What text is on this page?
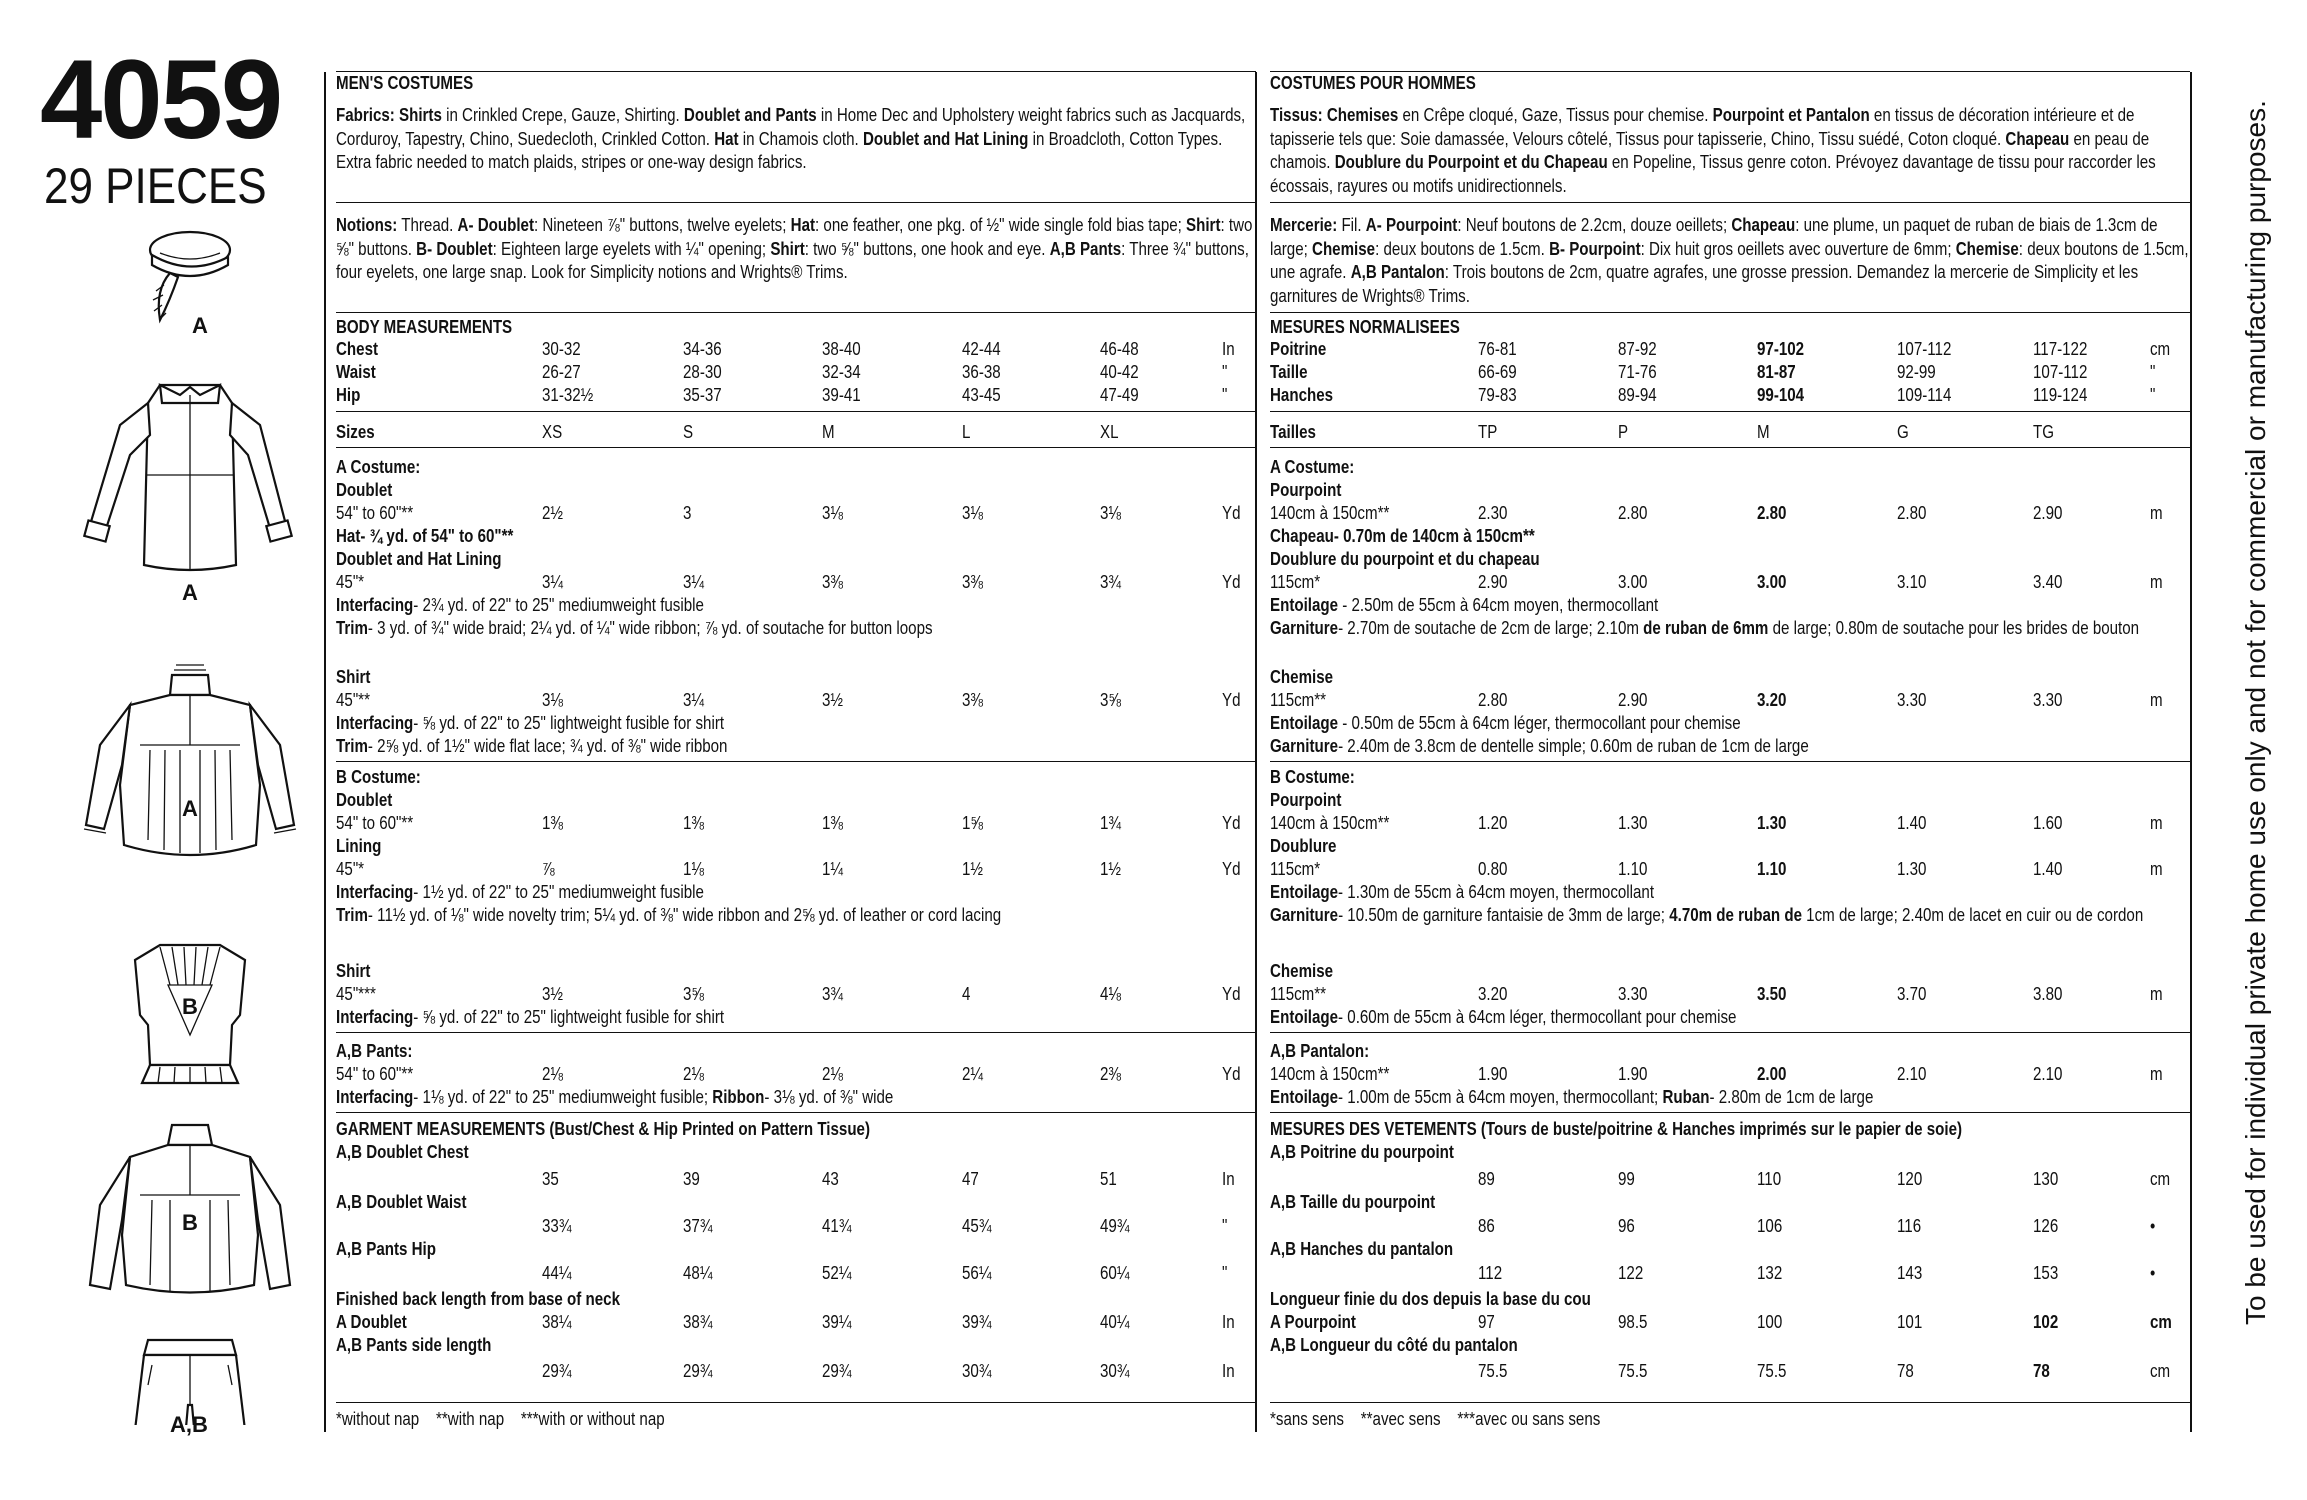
4059
29 PIECES
A
A
A
B
B
A,B
MEN'S COSTUMES
Fabrics: Shirts in Crinkled Crepe, Gauze, Shirting. Doublet and Pants in Home Dec and Upholstery weight fabrics such as Jacquards, Corduroy, Tapestry, Chino, Suedecloth, Crinkled Cotton. Hat in Chamois cloth. Doublet and Hat Lining in Broadcloth, Cotton Types. Extra fabric needed to match plaids, stripes or one-way design fabrics.
Notions: Thread. A- Doublet: Nineteen ⅞" buttons, twelve eyelets; Hat: one feather, one pkg. of ½" wide single fold bias tape; Shirt: two ⅝" buttons. B- Doublet: Eighteen large eyelets with ¼" opening; Shirt: two ⅝" buttons, one hook and eye. A,B Pants: Three ¾" buttons, four eyelets, one large snap. Look for Simplicity notions and Wrights® Trims.
BODY MEASUREMENTS
Chest	30-32	34-36	38-40	42-44	46-48	In
Waist	26-27	28-30	32-34	36-38	40-42	"
Hip	31-32½	35-37	39-41	43-45	47-49	"
Sizes	XS	S	M	L	XL
A Costume:
Doublet
54" to 60"**	2½	3	3⅛	3⅛	3⅛	Yd
Hat- ¾ yd. of 54" to 60"**
Doublet and Hat Lining
45"*	3¼	3¼	3⅜	3⅜	3¾	Yd
Interfacing- 2¾ yd. of 22" to 25" mediumweight fusible
Trim- 3 yd. of ¾" wide braid; 2¼ yd. of ¼" wide ribbon; ⅞ yd. of soutache for button loops
Shirt
45"**	3⅛	3¼	3½	3⅜	3⅝	Yd
Interfacing- ⅝ yd. of 22" to 25" lightweight fusible for shirt
Trim- 2⅝ yd. of 1½" wide flat lace; ¾ yd. of ⅜" wide ribbon
B Costume:
Doublet
54" to 60"**	1⅜	1⅜	1⅜	1⅝	1¾	Yd
Lining
45"*	⅞	1⅛	1¼	1½	1½	Yd
Interfacing- 1½ yd. of 22" to 25" mediumweight fusible
Trim- 11½ yd. of ⅛" wide novelty trim; 5¼ yd. of ⅜" wide ribbon and 2⅝ yd. of leather or cord lacing
Shirt
45"***	3½	3⅝	3¾	4	4⅛	Yd
Interfacing- ⅝ yd. of 22" to 25" lightweight fusible for shirt
A,B Pants:
54" to 60"**	2⅛	2⅛	2⅛	2¼	2⅜	Yd
Interfacing- 1⅛ yd. of 22" to 25" mediumweight fusible; Ribbon- 3⅛ yd. of ⅜" wide
GARMENT MEASUREMENTS (Bust/Chest & Hip Printed on Pattern Tissue)
A,B Doublet Chest
35	39	43	47	51	In
A,B Doublet Waist
33¾	37¾	41¾	45¾	49¾	"
A,B Pants Hip
44¼	48¼	52¼	56¼	60¼	"
Finished back length from base of neck
A Doublet	38¼	38¾	39¼	39¾	40¼	In
A,B Pants side length
29¾	29¾	29¾	30¾	30¾	In
*without nap    **with nap    ***with or without nap
COSTUMES POUR HOMMES
Tissus: Chemises en Crêpe cloqué, Gaze, Tissus pour chemise. Pourpoint et Pantalon en tissus de décoration intérieure et de tapisserie tels que: Soie damassée, Velours côtelé, Tissus pour tapisserie, Chino, Tissu suédé, Coton cloqué. Chapeau en peau de chamois. Doublure du Pourpoint et du Chapeau en Popeline, Tissus genre coton. Prévoyez davantage de tissu pour raccorder les écossais, rayures ou motifs unidirectionnels.
Mercerie: Fil. A- Pourpoint: Neuf boutons de 2.2cm, douze oeillets; Chapeau: une plume, un paquet de ruban de biais de 1.3cm de large; Chemise: deux boutons de 1.5cm. B- Pourpoint: Dix huit gros oeillets avec ouverture de 6mm; Chemise: deux boutons de 1.5cm, une agrafe. A,B Pantalon: Trois boutons de 2cm, quatre agrafes, une grosse pression. Demandez la mercerie de Simplicity et les garnitures de Wrights® Trims.
MESURES NORMALISEES
Poitrine	76-81	87-92	97-102	107-112	117-122	cm
Taille	66-69	71-76	81-87	92-99	107-112	"
Hanches	79-83	89-94	99-104	109-114	119-124	"
Tailles	TP	P	M	G	TG
A Costume:
Pourpoint
140cm à 150cm**	2.30	2.80	2.80	2.80	2.90	m
Chapeau- 0.70m de 140cm à 150cm**
Doublure du pourpoint et du chapeau
115cm*	2.90	3.00	3.00	3.10	3.40	m
Entoilage - 2.50m de 55cm à 64cm moyen, thermocollant
Garniture- 2.70m de soutache de 2cm de large; 2.10m de ruban de 6mm de large; 0.80m de soutache pour les brides de bouton
Chemise
115cm**	2.80	2.90	3.20	3.30	3.30	m
Entoilage - 0.50m de 55cm à 64cm léger, thermocollant pour chemise
Garniture- 2.40m de 3.8cm de dentelle simple; 0.60m de ruban de 1cm de large
B Costume:
Pourpoint
140cm à 150cm**	1.20	1.30	1.30	1.40	1.60	m
Doublure
115cm*	0.80	1.10	1.10	1.30	1.40	m
Entoilage- 1.30m de 55cm à 64cm moyen, thermocollant
Garniture- 10.50m de garniture fantaisie de 3mm de large; 4.70m de ruban de 1cm de large; 2.40m de lacet en cuir ou de cordon
Chemise
115cm**	3.20	3.30	3.50	3.70	3.80	m
Entoilage- 0.60m de 55cm à 64cm léger, thermocollant pour chemise
A,B Pantalon:
140cm à 150cm**	1.90	1.90	2.00	2.10	2.10	m
Entoilage- 1.00m de 55cm à 64cm moyen, thermocollant; Ruban- 2.80m de 1cm de large
MESURES DES VETEMENTS (Tours de buste/poitrine & Hanches imprimés sur le papier de soie)
A,B Poitrine du pourpoint
89	99	110	120	130	cm
A,B Taille du pourpoint
86	96	106	116	126	•
A,B Hanches du pantalon
112	122	132	143	153	•
Longueur finie du dos depuis la base du cou
A Pourpoint	97	98.5	100	101	102	cm
A,B Longueur du côté du pantalon
75.5	75.5	75.5	78	78	cm
*sans sens    **avec sens    ***avec ou sans sens
To be used for individual private home use only and not for commercial or manufacturing purposes.
